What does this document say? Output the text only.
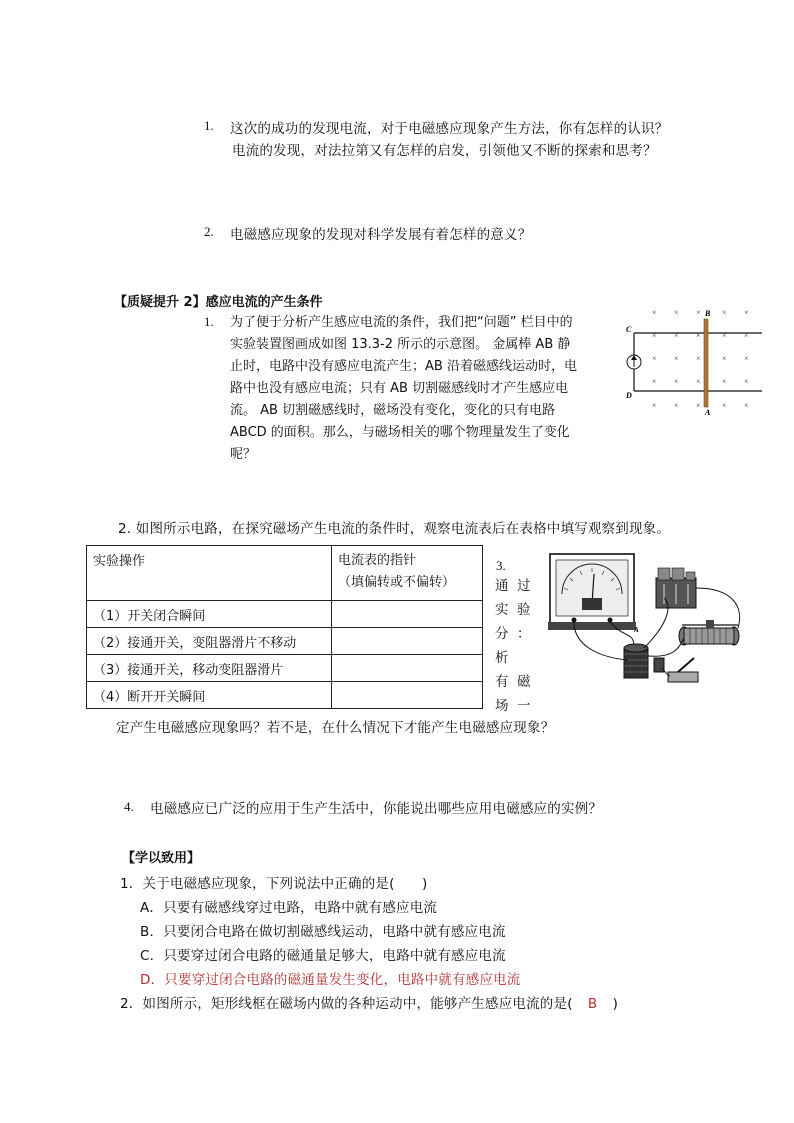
1. 这次的成功的发现电流，对于电磁感应现象产生方法，你有怎样的认识？
电流的发现，对法拉第又有怎样的启发，引领他又不断的探索和思考？
2. 电磁感应现象的发现对科学发展有着怎样的意义？
【质疑提升 2】感应电流的产生条件
1. 为了便于分析产生感应电流的条件，我们把“问题” 栏目中的
实验装置图画成如图 13.3-2 所示的示意图。 金属棒 AB 静
止时，电路中没有感应电流产生；AB 沿着磁感线运动时，电
路中也没有感应电流；只有 AB 切割磁感线时才产生感应电
流。 AB 切割磁感线时，磁场没有变化，变化的只有电路
ABCD 的面积。那么，与磁场相关的哪个物理量发生了变化
呢？
× × ×	× ×
× × ×	× ×
× × ×	× ×
× × ×	× ×
× × ×	× ×
C
D
B
A
2. 如图所示电路，在探究磁场产生电流的条件时，观察电流表后在表格中填写观察到现象。
实验操作	电流表的指针
（填偏转或不偏转）

（1）开关闭合瞬间	
（2）接通开关，变阻器滑片不移动	
（3）接通开关，移动变阻器滑片	
（4）断开开关瞬间	
3.
通
实
分
析
有
场
过
验
：
磁
一
定产生电磁感应现象吗？若不是，在什么情况下才能产生电磁感应现象？
A
4. 电磁感应已广泛的应用于生产生活中，你能说出哪些应用电磁感应的实例？
【学以致用】
1．关于电磁感应现象，下列说法中正确的是(　　)
A．只要有磁感线穿过电路，电路中就有感应电流
B．只要闭合电路在做切割磁感线运动，电路中就有感应电流
C．只要穿过闭合电路的磁通量足够大，电路中就有感应电流
D．只要穿过闭合电路的磁通量发生变化，电路中就有感应电流
2．如图所示，矩形线框在磁场内做的各种运动中，能够产生感应电流的是( B )
